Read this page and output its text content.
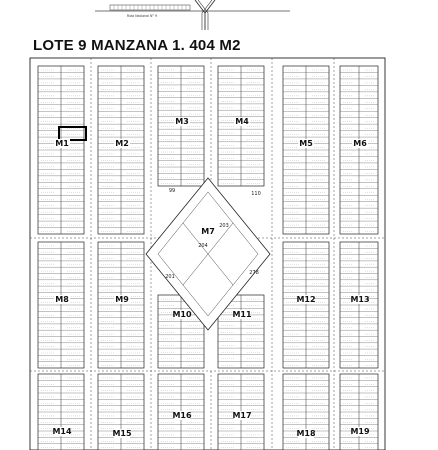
Ruta Nacional N° 9
LOTE 9 MANZANA 1. 404 M2
99	110
203
204
201
278
M1	M2
M3	M4
M5	M6
M7
M8	M9
M10	M11
M12	M13
M14	M15
M16	M17
M18	M19
